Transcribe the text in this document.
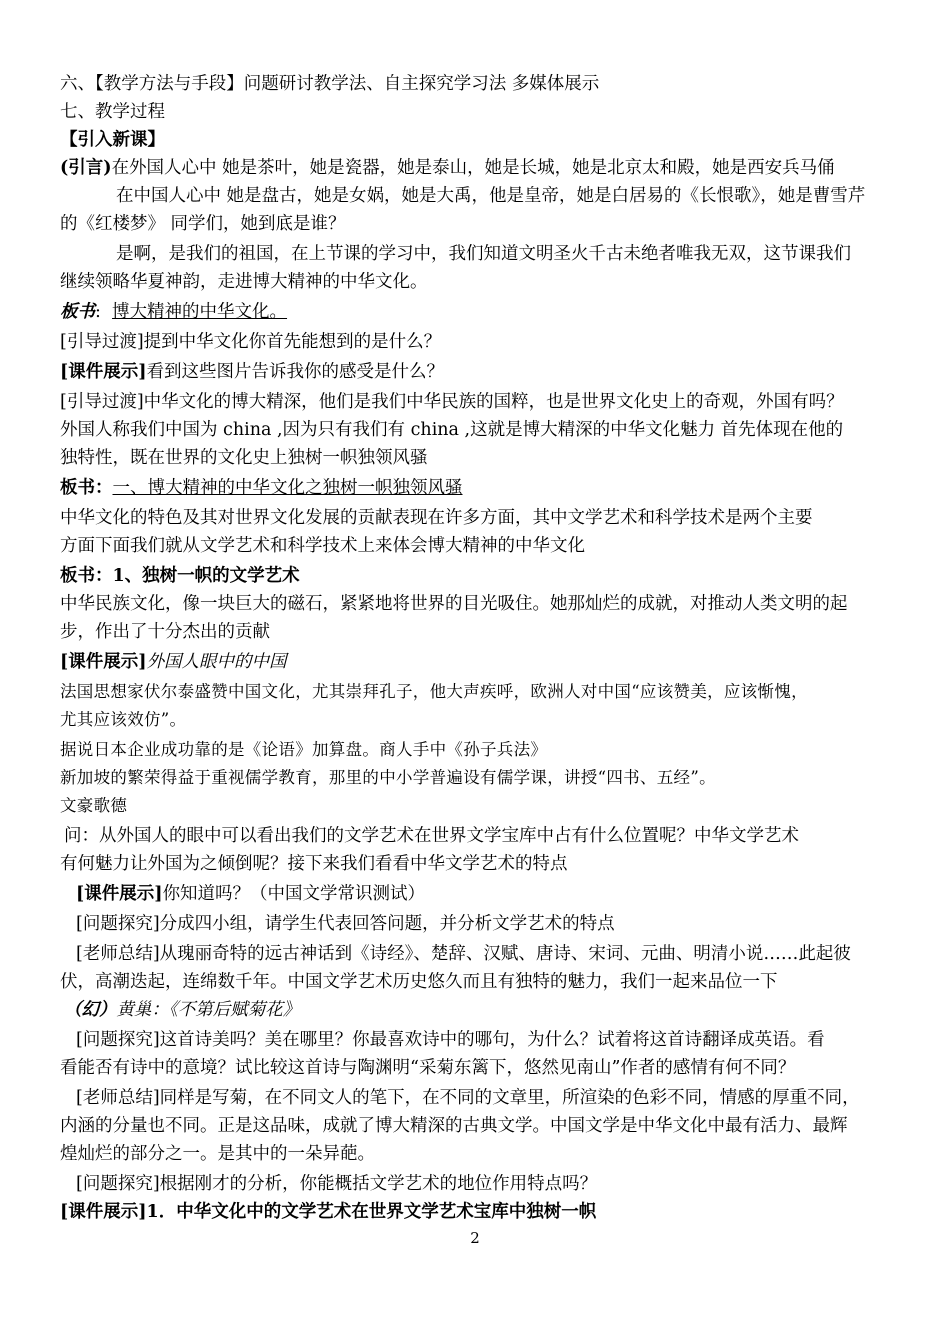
六、【教学方法与手段】问题研讨教学法、自主探究学习法 多媒体展示
七、教学过程
【引入新课】
(引言)在外国人心中 她是茶叶，她是瓷器，她是泰山，她是长城，她是北京太和殿，她是西安兵马俑
在中国人心中 她是盘古，她是女娲，她是大禹，他是皇帝，她是白居易的《长恨歌》，她是曹雪芹
的《红楼梦》 同学们，她到底是谁？
是啊，是我们的祖国，在上节课的学习中，我们知道文明圣火千古未绝者唯我无双，这节课我们
继续领略华夏神韵，走进博大精神的中华文化。
板书: 博大精神的中华文化。
[引导过渡]提到中华文化你首先能想到的是什么？
[课件展示]看到这些图片告诉我你的感受是什么？
[引导过渡]中华文化的博大精深，他们是我们中华民族的国粹，也是世界文化史上的奇观，外国有吗？
外国人称我们中国为 china ,因为只有我们有 china ,这就是博大精深的中华文化魅力 首先体现在他的
独特性，既在世界的文化史上独树一帜独领风骚
板书：一、博大精神的中华文化之独树一帜独领风骚
中华文化的特色及其对世界文化发展的贡献表现在许多方面，其中文学艺术和科学技术是两个主要
方面下面我们就从文学艺术和科学技术上来体会博大精神的中华文化
板书：1、独树一帜的文学艺术
中华民族文化，像一块巨大的磁石，紧紧地将世界的目光吸住。她那灿烂的成就，对推动人类文明的起
步，作出了十分杰出的贡献
[课件展示]外国人眼中的中国
法国思想家伏尔泰盛赞中国文化，尤其崇拜孔子，他大声疾呼，欧洲人对中国“应该赞美，应该惭愧，
尤其应该效仿”。
据说日本企业成功靠的是《论语》加算盘。商人手中《孙子兵法》
新加坡的繁荣得益于重视儒学教育，那里的中小学普遍设有儒学课，讲授“四书、五经”。
文豪歌德
问：从外国人的眼中可以看出我们的文学艺术在世界文学宝库中占有什么位置呢？中华文学艺术
有何魅力让外国为之倾倒呢？接下来我们看看中华文学艺术的特点
[课件展示]你知道吗？（中国文学常识测试）
[问题探究]分成四小组，请学生代表回答问题，并分析文学艺术的特点
[老师总结]从瑰丽奇特的远古神话到《诗经》、楚辞、汉赋、唐诗、宋词、元曲、明清小说……此起彼
伏，高潮迭起，连绵数千年。中国文学艺术历史悠久而且有独特的魅力，我们一起来品位一下
（幻）黄巢：《不第后赋菊花》
[问题探究]这首诗美吗？美在哪里？你最喜欢诗中的哪句，为什么？试着将这首诗翻译成英语。看
看能否有诗中的意境？试比较这首诗与陶渊明“采菊东篱下，悠然见南山”作者的感情有何不同？
[老师总结]同样是写菊，在不同文人的笔下，在不同的文章里，所渲染的色彩不同，情感的厚重不同，
内涵的分量也不同。正是这品味，成就了博大精深的古典文学。中国文学是中华文化中最有活力、最辉
煌灿烂的部分之一。是其中的一朵异葩。
[问题探究]根据刚才的分析，你能概括文学艺术的地位作用特点吗？
[课件展示]1．中华文化中的文学艺术在世界文学艺术宝库中独树一帜
2
